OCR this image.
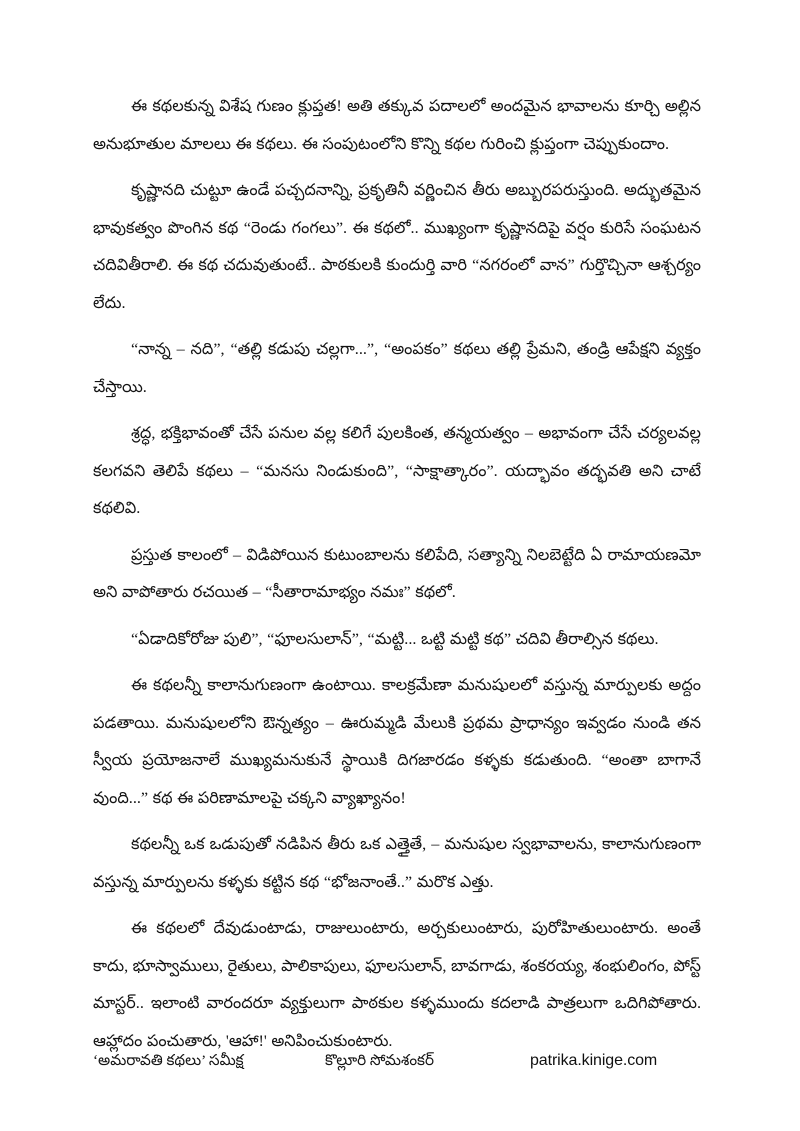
ఈ కథలకున్న విశేష గుణం క్లుప్తత! అతి తక్కువ పదాలలో అందమైన భావాలను కూర్చి అల్లిన అనుభూతుల మాలలు ఈ కథలు. ఈ సంపుటంలోని కొన్ని కథల గురించి క్లుప్తంగా చెప్పుకుందాం.

కృష్ణానది చుట్టూ ఉండే పచ్చదనాన్ని, ప్రకృతినీ వర్ణించిన తీరు అబ్బురపరుస్తుంది. అద్భుతమైన భావుకత్వం పొంగిన కథ “రెండు గంగలు”. ఈ కథలో.. ముఖ్యంగా కృష్ణానదిపై వర్షం కురిసే సంఘటన చదివితీరాలి. ఈ కథ చదువుతుంటే.. పాఠకులకి కుందుర్తి వారి “నగరంలో వాన” గుర్తొచ్చినా ఆశ్చర్యం లేదు.

“నాన్న – నది”, “తల్లి కడుపు చల్లగా...”, “అంపకం” కథలు తల్లి ప్రేమని, తండ్రి ఆపేక్షని వ్యక్తం చేస్తాయి.

శ్రద్ధ, భక్తిభావంతో చేసే పనుల వల్ల కలిగే పులకింత, తన్మయత్వం – అభావంగా చేసే చర్యలవల్ల కలగవని తెలిపే కథలు – “మనసు నిండుకుంది”, “సాక్షాత్కారం”. యద్భావం తద్భవతి అని చాటే కథలివి.

ప్రస్తుత కాలంలో – విడిపోయిన కుటుంబాలను కలిపేది, సత్యాన్ని నిలబెట్టేది ఏ రామాయణమో అని వాపోతారు రచయిత – “సీతారామాభ్యం నమః” కథలో.

“ఏడాదికోరోజు పులి”, “ఫూలసులాన్”, “మట్టి... ఒట్టి మట్టి కథ” చదివి తీరాల్సిన కథలు.

ఈ కథలన్నీ కాలానుగుణంగా ఉంటాయి. కాలక్రమేణా మనుషులలో వస్తున్న మార్పులకు అద్దం పడతాయి. మనుషులలోని ఔన్నత్యం – ఊరుమ్మడి మేలుకి ప్రథమ ప్రాధాన్యం ఇవ్వడం నుండి తన స్వీయ ప్రయోజనాలే ముఖ్యమనుకునే స్థాయికి దిగజారడం కళ్ళకు కడుతుంది. “అంతా బాగానే వుంది...” కథ ఈ పరిణామాలపై చక్కని వ్యాఖ్యానం!

కథలన్నీ ఒక ఒడుపుతో నడిపిన తీరు ఒక ఎత్తైతే, – మనుషుల స్వభావాలను, కాలానుగుణంగా వస్తున్న మార్పులను కళ్ళకు కట్టిన కథ “భోజనాంతే..” మరొక ఎత్తు.

ఈ కథలలో దేవుడుంటాడు, రాజులుంటారు, అర్చకులుంటారు, పురోహితులుంటారు. అంతే కాదు, భూస్వాములు, రైతులు, పాలికాపులు, ఫూలసులాన్, బావగాడు, శంకరయ్య, శంభులింగం, పోస్ట్ మాస్టర్.. ఇలాంటి వారందరూ వ్యక్తులుగా పాఠకుల కళ్ళముందు కదలాడి పాత్రలుగా ఒదిగిపోతారు. ఆహ్లాదం పంచుతారు, 'ఆహా!' అనిపించుకుంటారు.

‘అమరావతి కథలు’ సమీక్ష	కొల్లూరి సోమశంకర్	patrika.kinige.com
